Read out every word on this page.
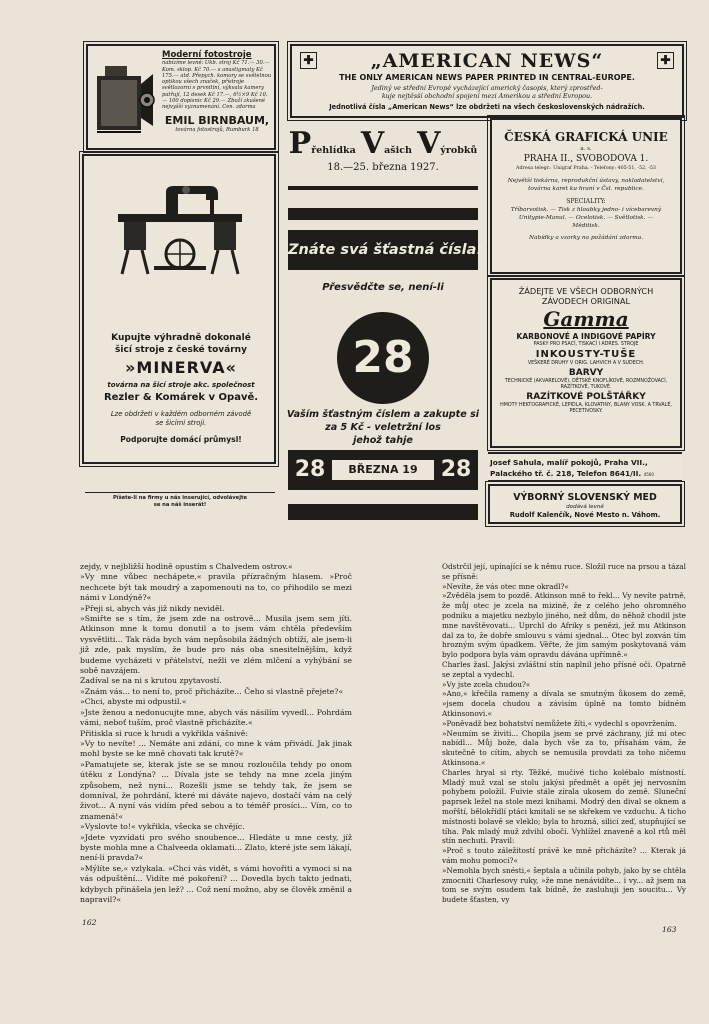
Moderní fotostroje

nabízíme levně: Ukb. stroj Kč 71.— 30.— Kom. sklop. Kč 70.— s anastigmaty Kč 175.— atd. Přepych. komory se světelnou optikou všech značek, přístroje světlozorní s prvnitiní, výkvalu kamery patřují, 12 desek Kč 17.—, 6½×9 Kč 10.— 100 dopisnic Kč 29.— Zboží zkušené nejvyšší vyznamenání. Cen. zdarma

EMIL BIRNBAUM,

továrna fotostrojů, Rumburk 18

Kupujte výhradně dokonalé

šicí stroje z české továrny

»MINERVA«

továrna na šicí stroje akc. společnost

Rezler & Komárek v Opavě.

Lze obdržeti v každém odborném závodě

se šicími stroji.

Podporujte domácí průmysl!

Píšete-li na firmy u nás inserující, odvolávejte

se na náš inserát!

✚	✚
„AMERICAN NEWS“
THE ONLY AMERICAN NEWS PAPER PRINTED IN CENTRAL-EUROPE.
Jediný ve střední Evropě vycházející americký časopis, který zprostřed-
kuje nejtěsší obchodní spojení mezi Amerikou a střední Evropou.
Jednotlivá čísla „American News“ lze obdržeti na všech československých nádražích.
Přehlídka Vašich Výrobků
18.—25. března 1927.
Znáte svá šťastná čísla!
Přesvědčte se, není-li
28

Vaším šťastným číslem a zakupte si

za 5 Kč - veletržní los

jehož tahje

28	BŘEZNA 19	28

ČESKÁ GRAFICKÁ UNIE

a. s.

PRAHA II., SVOBODOVA 1.

Adresa telegr.: Unigraf Praha. - Telefony: 405-51, -52, -53

Největší tiskárna, reprodukční ústavy, nakladatelství,

továrna karet ku hraní v Čsl. republice.

SPECIALITY:

Tříbarvotisk. — Tisk z hloubky jedno- i vícebarevný

Unitypie-Manul. — Ocelotisk. — Světlotisk. —

Měditisk.

Nabídky a vzorky na požádání zdarma.

ŽÁDEJTE VE VŠECH ODBORNÝCH

ZÁVODECH ORIGINAL

Gamma

KARBONOVÉ A INDIGOVÉ PAPÍRY

PASKY PRO PSACÍ, TISKACÍ I ADRES. STROJE

INKOUSTY-TUŠE

VEŠKERÉ DRUHY V ORIG. LAHVICH A V SUDECH.

BARVY

TECHNICKÉ (AKVARELOVÉ), DĚTSKÉ KNOFLÍKOVÉ, ROZMNOŽOVACÍ, RAZÍTKOVÉ, TUKOVÉ.

RAZÍTKOVÉ POLŠTÁŘKY

HMOTY HEKTOGRAFICKÉ, LEPIDLA, KLOVATINY, BLANY VOSK. A TRVALÉ, PECETIVOSKY.

Josef Sahula, malíř pokojů, Praha VII.,

Palackého tř. č. 218, Telefon 8641/II. 4500

VÝBORNÝ SLOVENSKÝ MED

dodává levně

Rudolf Kalenčík, Nové Mesto n. Váhom.

zejdy, v nejbližší hodině opustím s Chalvedem ostrov.«

»Vy mne vůbec nechápete,« pravila přízračným hlasem. »Proč nechcete být tak moudrý a zapomenouti na to, co přihodilo se mezi námi v Londýně?«

»Přeji si, abych vás již nikdy neviděl.

»Smiřte se s tím, že jsem zde na ostrově... Musila jsem sem jíti. Atkinson mne k tomu donutil a to jsem vám chtěla především vysvětliti... Tak ráda bych vám nepůsobila žádných obtíží, ale jsem-li již zde, pak myslím, že bude pro nás oba snesitelnějším, když budeme vycházeti v přátelství, nežli ve zlém mlčení a vyhýbání se sobě navzájem.

Zadíval se na ni s krutou zpytavostí.

»Znám vás... to není to, proč přicházíte... Čeho si vlastně přejete?«

»Chci, abyste mi odpustil.«

»Jste ženou a nedonucujte mne, abych vás násilím vyvedl... Pohrdám vámi, neboť tuším, proč vlastně přicházíte.«

Přitiskla si ruce k hrudi a vykřikla vášnivě:

»Vy to nevíte! ... Nemáte ani zdání, co mne k vám přivádí. Jak jinak mohl byste se ke mně chovati tak krutě?«

»Pamatujete se, kterak jste se se mnou rozloučila tehdy po onom útěku z Londýna? ... Dívala jste se tehdy na mne zcela jiným způsobem, než nyní... Rozešli jsme se tehdy tak, že jsem se domníval, že pohrdání, které mi dáváte najevo, dostačí vám na celý život... A nyní vás vidím před sebou a to téměř prosíci... Vím, co to znamená!«

»Vyslovte to!« vykřikla, všecka se chvějíc.

»Jdete vyzvídati pro svého snoubence... Hledáte u mne cesty, jíž byste mohla mne a Chalveeda oklamati... Zlato, které jste sem lákají, není-li pravda?«

»Mýlíte se,« vzlykala. »Chci vás vidět, s vámi hovořiti a vymoci si na vás odpuštění... Vidíte mé pokoření? ... Dovedla bych takto jednati, kdybych přinášela jen lež? ... Což není možno, aby se člověk změnil a napravil?«

Odstrčil její, upínající se k němu ruce. Složil ruce na prsou a tázal se přísně:

»Nevíte, že vás otec mne okradl?«

»Zvěděla jsem to pozdě. Atkinson mně to řekl... Vy nevíte patrně, že můj otec je zcela na mizině, že z celého jeho ohromného podniku a majetku nezbylo jiného, než dům, do něhož chodil jste mne navštěvovati... Uprchl do Afriky s penězi, jež mu Atkinson dal za to, že dobře smlouvu s vámi sjednal... Otec byl zoxván tím hrozným svým úpadkem. Věřte, že jim samým poskytovaná vám bylo podpora byla vám opravdu dávána upřímně.«

Charles žasl. Jakýsi zvláštní stín naplnil jeho přísné oči. Opatrně se zeptal a vydechl.

»Vy jste zcela chudou?«

»Ano,« křečila rameny a dívala se smutným ůkosem do země, »jsem docela chudou a závisím úplně na tomto bídném Atkinsonovi.«

»Poněvadž bez bohatství nemůžete žíti,« vydechl s opovržením.

»Neumím se živiti... Chopila jsem se prvé záchrany, již mi otec nabídl... Můj bože, dala bych vše za to, přísahám vám, že skutečně to cítím, abych se nemusila provdati za toho ničemu Atkinsona.«

Charles hryal si rty. Těžké, mučivé ticho kolébalo místností. Mladý muž vzal se stolu jakýsi předmět a opět jej nervosním pohybem položil. Fuivie stále zírala ukosem do země. Sluneční paprsek ležel na stole mezi knihami. Modrý den dival se oknem a mořští, bělokřídlí ptáci kmitali se se skřekem ve vzduchu. A ticho místnosti bolavě se vleklo; byla to hrozná, silicí zeď, stupňující se tíha. Pak mladý muž zdvihl obočí. Vyhlížel znaveně a kol rtů měl stín nechuti. Pravil:

»Proč s touto záležitostí právě ke mně přicházíte? ... Kterak já vám mohu pomoci?«

»Nemohla bych snésti,« šeptala a učinila pohyb, jako by se chtěla zmocniti Charlesovy ruky, »že mne nenávidíte... i vy... až jsem na tom se svým osudem tak bídně, že zasluhuji jen soucitu... Vy budete šťasten, vy

162
163
